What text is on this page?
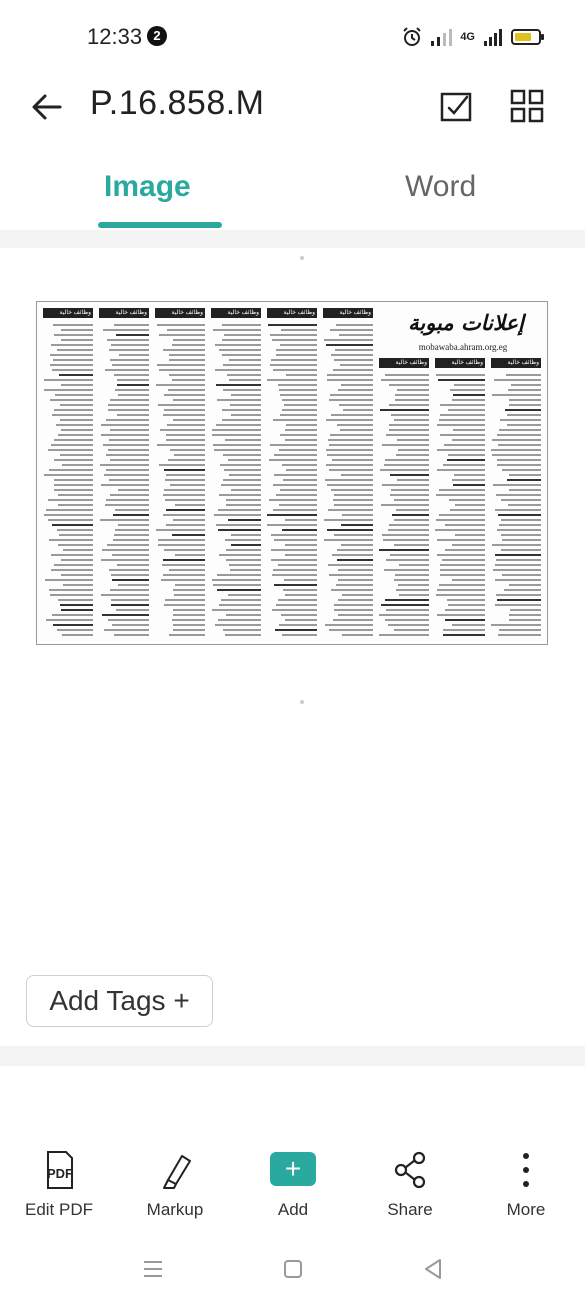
12:33 2	4G
P.16.858.M
Image	Word
إعلانات مبوبة
mobawaba.ahram.org.eg
وظائف خالية	وظائف خالية	وظائف خالية	وظائف خالية	وظائف خالية	وظائف خالية
وظائف خالية	وظائف خالية	وظائف خالية
Add Tags +
PDF
Edit PDF	Markup
+
Add	Share	More
